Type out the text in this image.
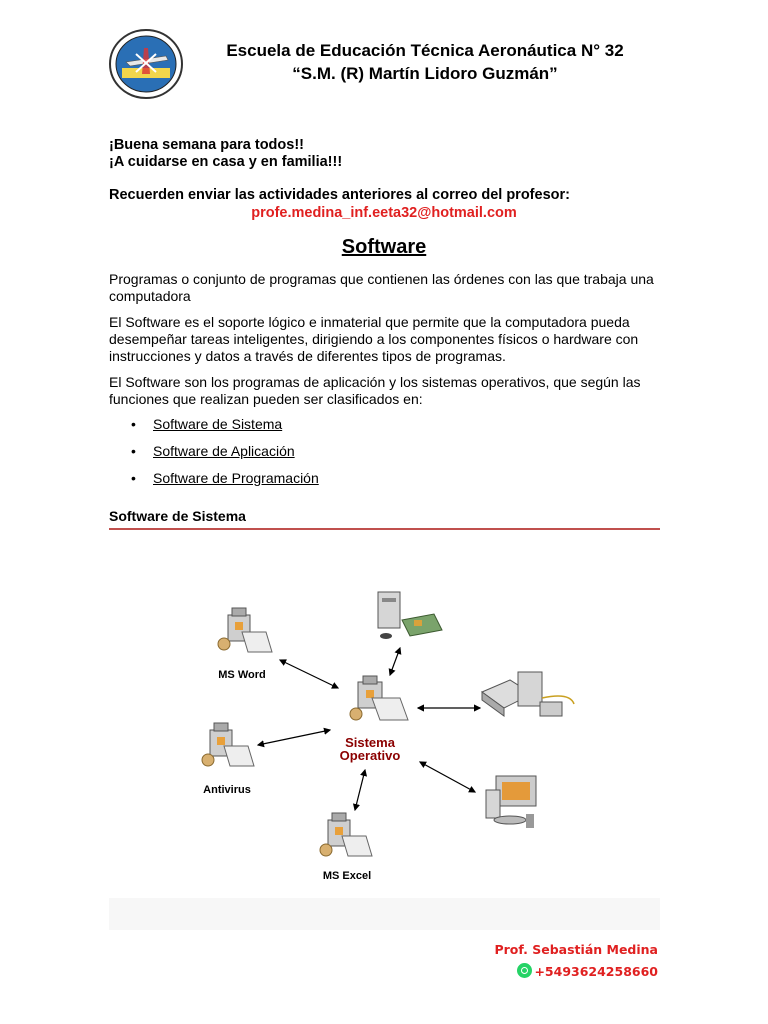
Escuela de Educación Técnica Aeronáutica N° 32
“S.M. (R) Martín Lidoro Guzmán”
¡Buena semana para todos!!
¡A cuidarse en casa y en familia!!!
Recuerden enviar las actividades anteriores al correo del profesor:
profe.medina_inf.eeta32@hotmail.com
Software
Programas o conjunto de programas que contienen las órdenes con las que trabaja una computadora
El Software es el soporte lógico e inmaterial que permite que la computadora pueda desempeñar tareas inteligentes, dirigiendo a los componentes físicos o hardware con instrucciones y datos a través de diferentes tipos de programas.
El Software son los programas de aplicación y los sistemas operativos, que según las funciones que realizan pueden ser clasificados en:
• Software de Sistema
• Software de Aplicación
• Software de Programación
Software de Sistema
Sistema
Operativo
MS Word
Antivirus
MS Excel
Prof. Sebastián Medina
+5493624258660
